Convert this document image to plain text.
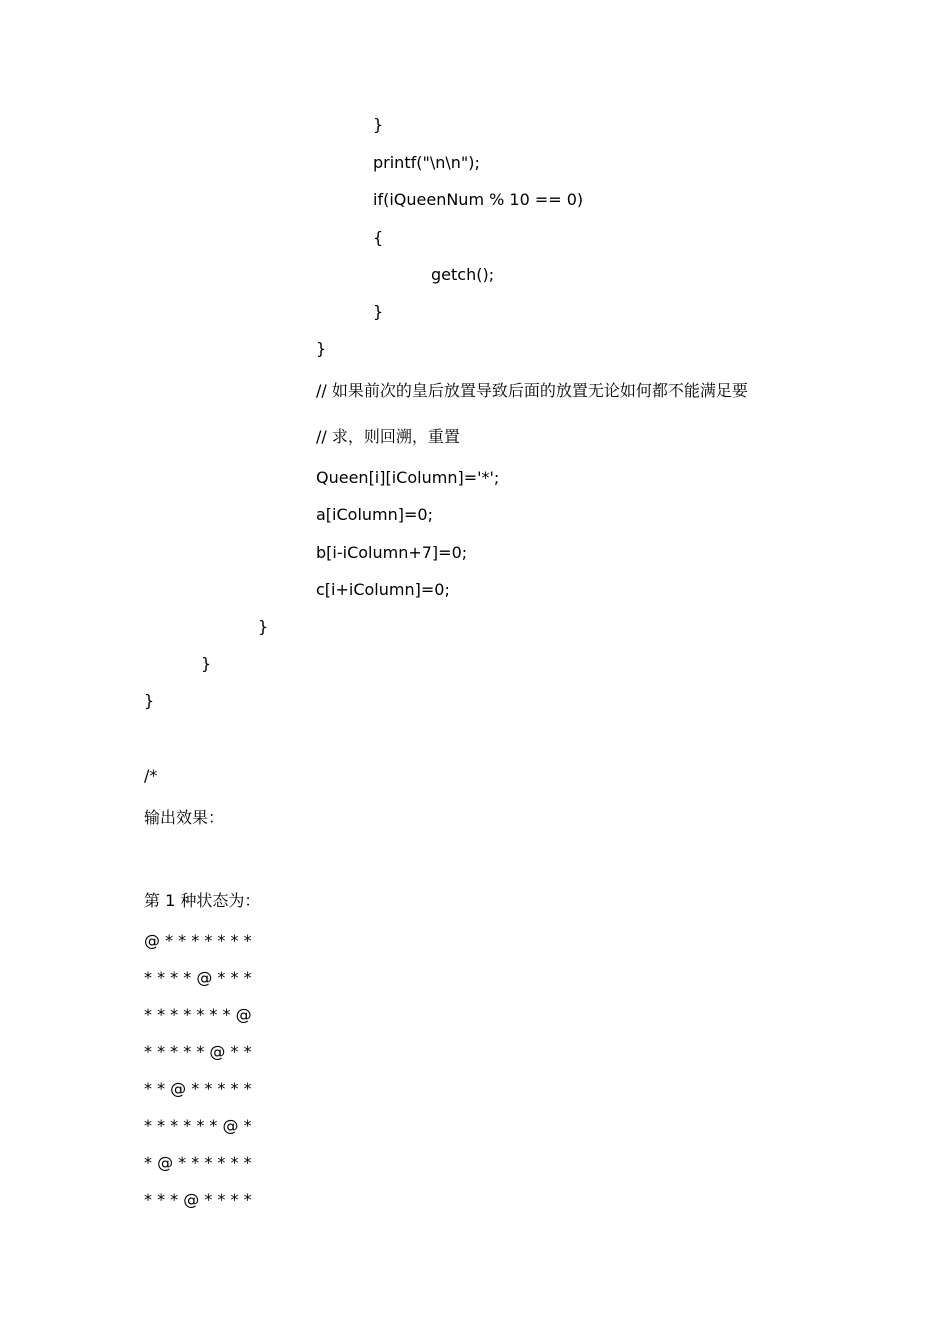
}
printf("\n\n");
if(iQueenNum % 10 == 0)
{
getch();
}
}
// 如果前次的皇后放置导致后面的放置无论如何都不能满足要
// 求，则回溯，重置
Queen[i][iColumn]='*';
a[iColumn]=0;
b[i-iColumn+7]=0;
c[i+iColumn]=0;
}
}
}
/*
输出效果：
第 1 种状态为：
@ * * * * * * *
* * * * @ * * *
* * * * * * * @
* * * * * @ * *
* * @ * * * * *
* * * * * * @ *
* @ * * * * * *
* * * @ * * * *
